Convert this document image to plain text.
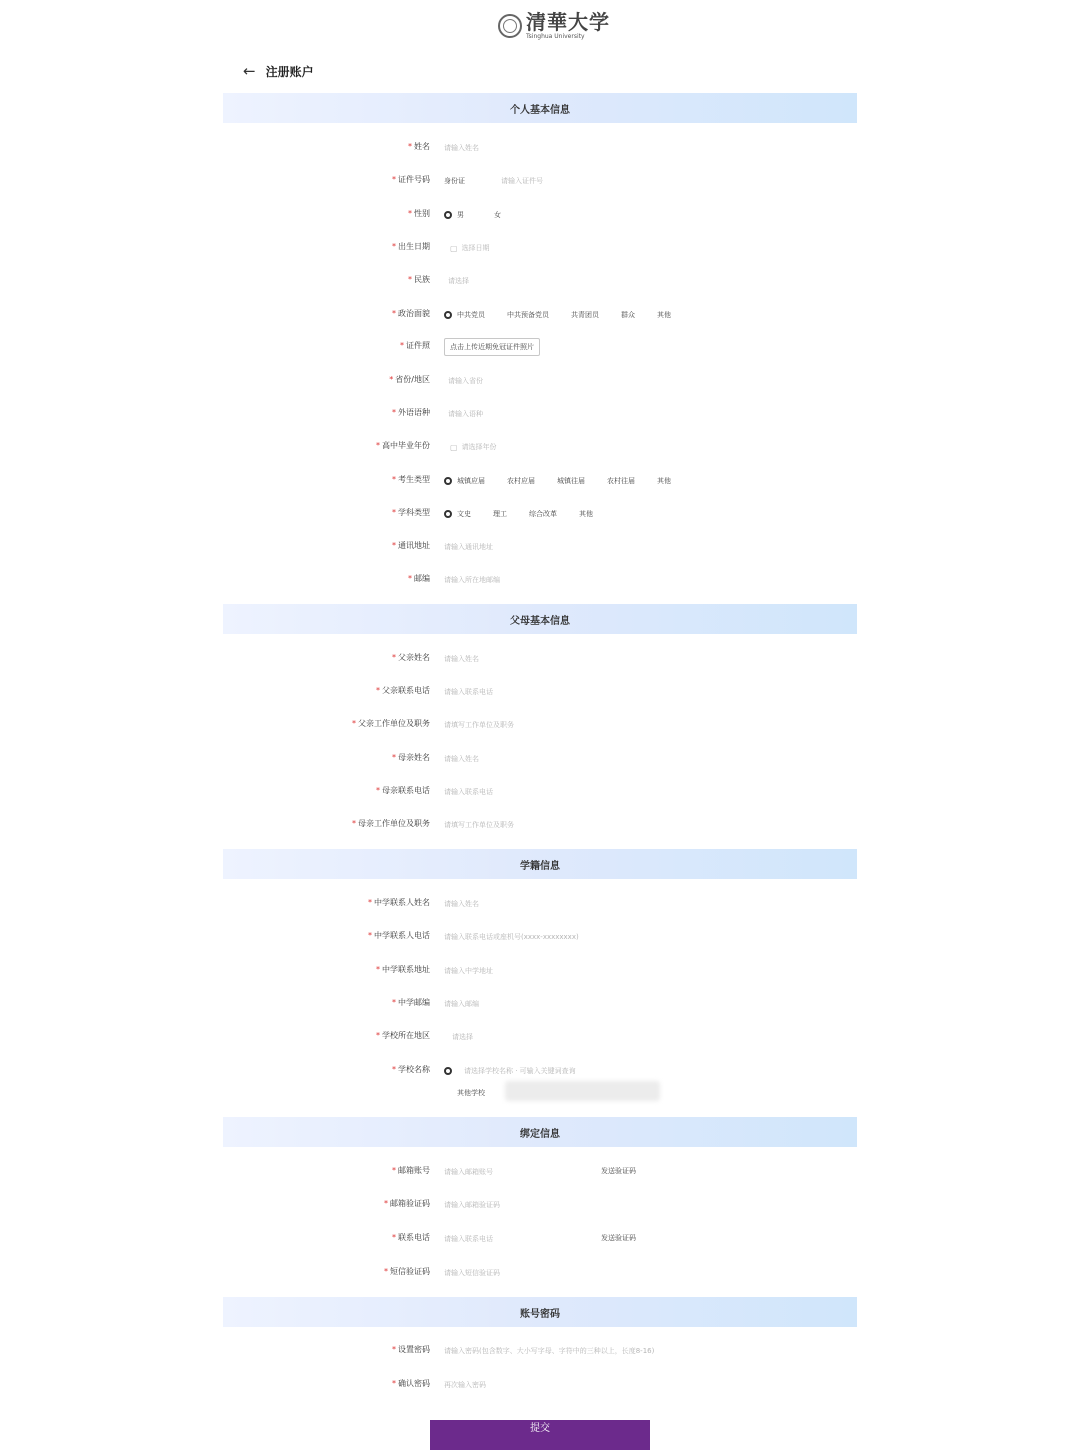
清華大学
Tsinghua University
← 注册账户
个人基本信息
* 姓名 请输入姓名
* 证件号码 身份证	请输入证件号
* 性别	男	女
* 出生日期	▢ 选择日期
* 民族	请选择
* 政治面貌	中共党员	中共预备党员	共青团员	群众	其他
* 证件照	点击上传近期免冠证件照片
* 省份/地区	请输入省份
* 外语语种	请输入语种
* 高中毕业年份	▢ 请选择年份
* 考生类型	城镇应届	农村应届	城镇往届	农村往届	其他
* 学科类型	文史	理工	综合改革	其他
* 通讯地址 请输入通讯地址
* 邮编 请输入所在地邮编
父母基本信息
* 父亲姓名 请输入姓名
* 父亲联系电话 请输入联系电话
* 父亲工作单位及职务 请填写工作单位及职务
* 母亲姓名 请输入姓名
* 母亲联系电话 请输入联系电话
* 母亲工作单位及职务 请填写工作单位及职务
学籍信息
* 中学联系人姓名 请输入姓名
* 中学联系人电话 请输入联系电话或座机号(xxxx-xxxxxxxx)
* 中学联系地址 请输入中学地址
* 中学邮编 请输入邮编
* 学校所在地区	请选择
* 学校名称	请选择学校名称 · 可输入关键词查询
其他学校
绑定信息
* 邮箱账号 请输入邮箱账号	发送验证码
* 邮箱验证码 请输入邮箱验证码
* 联系电话 请输入联系电话	发送验证码
* 短信验证码 请输入短信验证码
账号密码
* 设置密码 请输入密码(包含数字、大小写字母、字符中的三种以上，长度8-16)
* 确认密码 再次输入密码
提交
